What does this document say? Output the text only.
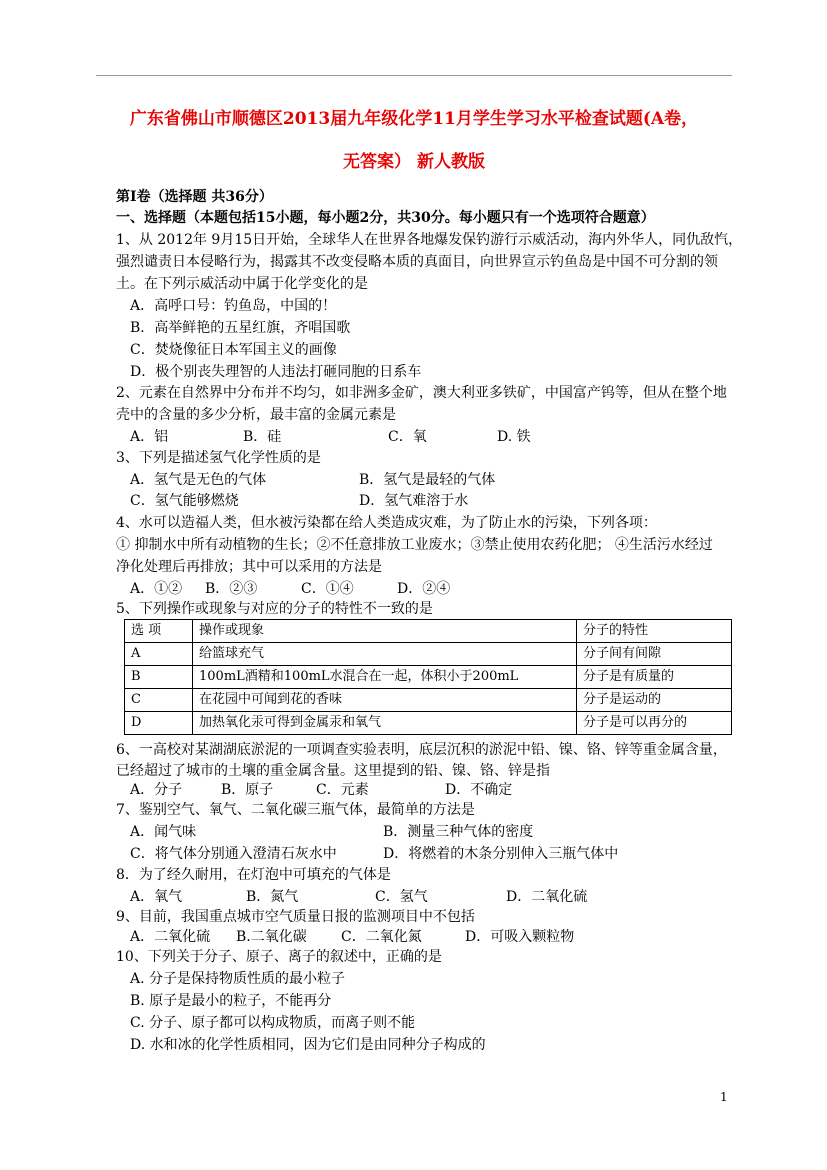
广东省佛山市顺德区2013届九年级化学11月学生学习水平检查试题(A卷，
无答案） 新人教版
第Ⅰ卷（选择题 共36分）
一、选择题（本题包括15小题，每小题2分，共30分。每小题只有一个选项符合题意）
1、从 2012年 9月15日开始，全球华人在世界各地爆发保钓游行示威活动，海内外华人，同仇敌忾，
强烈谴责日本侵略行为，揭露其不改变侵略本质的真面目，向世界宣示钓鱼岛是中国不可分割的领
土。在下列示威活动中属于化学变化的是
A．高呼口号：钓鱼岛，中国的！
B．高举鲜艳的五星红旗，齐唱国歌
C．焚烧像征日本军国主义的画像
D．极个别丧失理智的人违法打砸同胞的日系车
2、元素在自然界中分布并不均匀，如非洲多金矿，澳大利亚多铁矿，中国富产钨等，但从在整个地
壳中的含量的多少分析，最丰富的金属元素是
A．铝	B．硅	C．氧	D. 铁
3、下列是描述氢气化学性质的是
A．氢气是无色的气体	B．氢气是最轻的气体
C．氢气能够燃烧	D．氢气难溶于水
4、水可以造福人类，但水被污染都在给人类造成灾难，为了防止水的污染，下列各项：
① 抑制水中所有动植物的生长；②不任意排放工业废水；③禁止使用农药化肥； ④生活污水经过
净化处理后再排放；其中可以采用的方法是
A．①② B．②③	C．①④	D．②④
5、下列操作或现象与对应的分子的特性不一致的是
选 项	操作或现象	分子的特性
A	给篮球充气	分子间有间隙
B	100mL酒精和100mL水混合在一起，体积小于200mL	分子是有质量的
C	在花园中可闻到花的香味	分子是运动的
D	加热氧化汞可得到金属汞和氧气	分子是可以再分的
6、一高校对某湖湖底淤泥的一项调查实验表明，底层沉积的淤泥中铅、镍、铬、锌等重金属含量，
已经超过了城市的土壤的重金属含量。这里提到的铅、镍、铬、锌是指
A．分子	B．原子	C．元素	D．不确定
7、鉴别空气、氧气、二氧化碳三瓶气体，最简单的方法是
A．闻气味	B．测量三种气体的密度
C．将气体分别通入澄清石灰水中	D．将燃着的木条分别伸入三瓶气体中
8．为了经久耐用，在灯泡中可填充的气体是
A．氧气	B．氮气	C．氢气	D．二氧化硫
9、目前，我国重点城市空气质量日报的监测项目中不包括
A．二氧化硫 B.二氧化碳 C．二氧化氮	D．可吸入颗粒物
10、下列关于分子、原子、离子的叙述中，正确的是
A. 分子是保持物质性质的最小粒子
B. 原子是最小的粒子，不能再分
C. 分子、原子都可以构成物质，而离子则不能
D. 水和冰的化学性质相同，因为它们是由同种分子构成的
1
